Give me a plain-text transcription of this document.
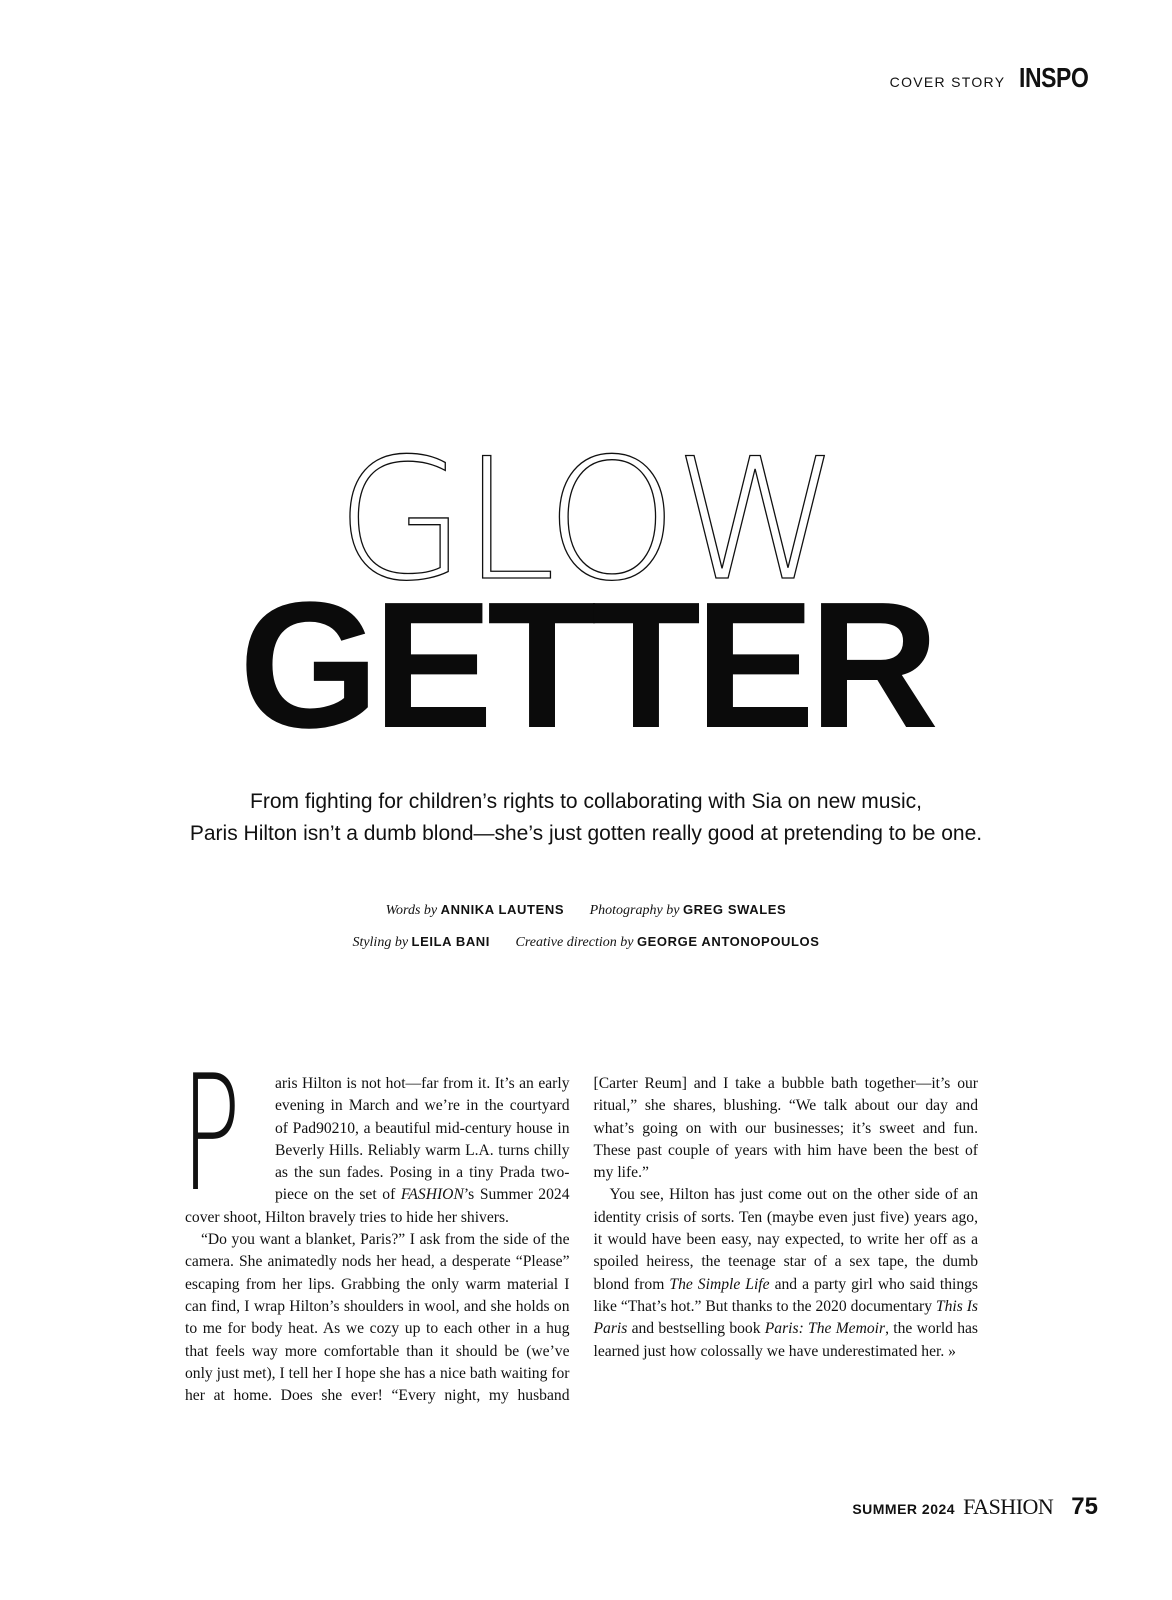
COVER STORY INSPO
GLOW
GETTER
From fighting for children’s rights to collaborating with Sia on new music,
Paris Hilton isn’t a dumb blond—she’s just gotten really good at pretending to be one.
Words by ANNIKA LAUTENS Photography by GREG SWALES
Styling by LEILA BANI Creative direction by GEORGE ANTONOPOULOS

P aris Hilton is not hot—far from it. It’s an early evening in March and we’re in the courtyard of Pad90210, a beautiful mid-century house in Beverly Hills. Reliably warm L.A. turns chilly as the sun fades. Posing in a tiny Prada two-piece on the set of FASHION’s Summer 2024 cover shoot, Hilton bravely tries to hide her shivers.

“Do you want a blanket, Paris?” I ask from the side of the camera. She animatedly nods her head, a desperate “Please” escaping from her lips. Grabbing the only warm material I can find, I wrap Hilton’s shoulders in wool, and she holds on to me for body heat. As we cozy up to each other in a hug that feels way more comfortable than it should be (we’ve only just met), I tell her I hope she has a nice bath waiting for her at home. Does she ever! “Every night, my husband [Carter Reum] and I take a bubble bath together—it’s our ritual,” she shares, blushing. “We talk about our day and what’s going on with our businesses; it’s sweet and fun. These past couple of years with him have been the best of my life.”

You see, Hilton has just come out on the other side of an identity crisis of sorts. Ten (maybe even just five) years ago, it would have been easy, nay expected, to write her off as a spoiled heiress, the teenage star of a sex tape, the dumb blond from The Simple Life and a party girl who said things like “That’s hot.” But thanks to the 2020 documentary This Is Paris and bestselling book Paris: The Memoir, the world has learned just how colossally we have underestimated her. »

SUMMER 2024 FASHION 75
